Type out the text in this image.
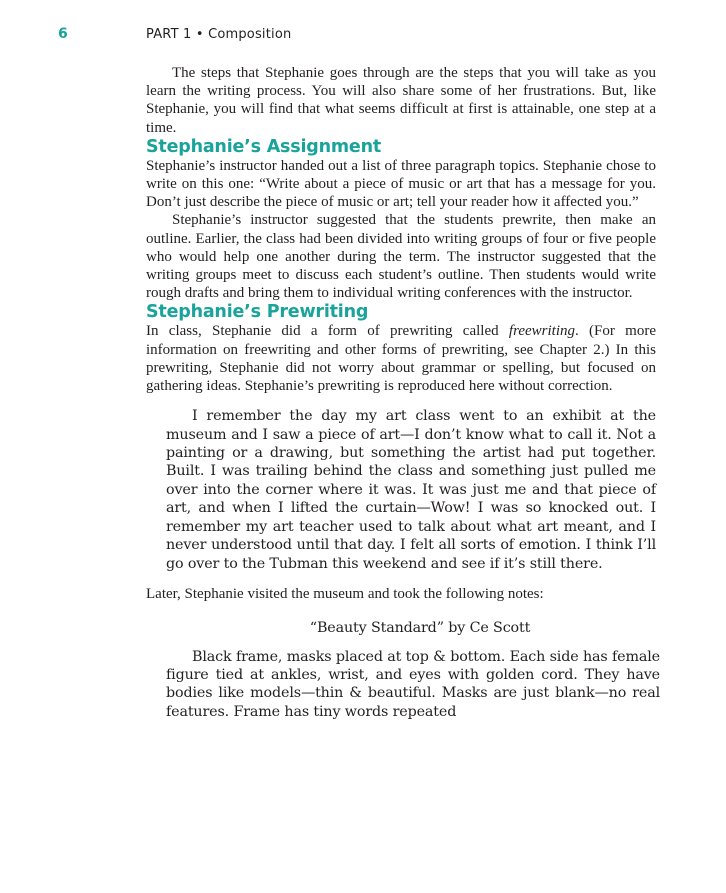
6	PART 1 • Composition

The steps that Stephanie goes through are the steps that you will take as you learn the writing process. You will also share some of her frustrations. But, like Stephanie, you will find that what seems difficult at first is attainable, one step at a time.

Stephanie’s Assignment

Stephanie’s instructor handed out a list of three paragraph topics. Stephanie chose to write on this one: “Write about a piece of music or art that has a message for you. Don’t just describe the piece of music or art; tell your reader how it affected you.”

Stephanie’s instructor suggested that the students prewrite, then make an outline. Earlier, the class had been divided into writing groups of four or five people who would help one another during the term. The instructor suggested that the writing groups meet to discuss each student’s outline. Then students would write rough drafts and bring them to individual writing conferences with the instructor.

Stephanie’s Prewriting

In class, Stephanie did a form of prewriting called freewriting. (For more information on freewriting and other forms of prewriting, see Chapter 2.) In this prewriting, Stephanie did not worry about grammar or spelling, but focused on gathering ideas. Stephanie’s prewriting is reproduced here without correction.

I remember the day my art class went to an exhibit at the museum and I saw a piece of art—I don’t know what to call it. Not a painting or a drawing, but something the artist had put together. Built. I was trailing behind the class and something just pulled me over into the corner where it was. It was just me and that piece of art, and when I lifted the curtain—Wow! I was so knocked out. I remember my art teacher used to talk about what art meant, and I never understood until that day. I felt all sorts of emotion. I think I’ll go over to the Tubman this weekend and see if it’s still there.

Later, Stephanie visited the museum and took the following notes:

“Beauty Standard” by Ce Scott
Black frame, masks placed at top & bottom. Each side has female figure tied at ankles, wrist, and eyes with golden cord. They have bodies like models—thin & beautiful. Masks are just blank—no real features. Frame has tiny words repeated
